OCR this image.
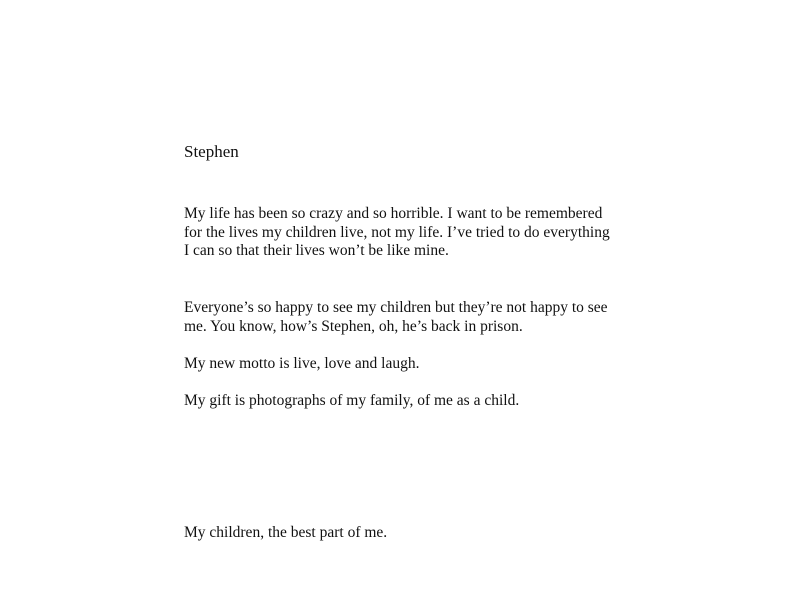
Stephen

My life has been so crazy and so horrible. I want to be remembered for the lives my children live, not my life. I’ve tried to do everything I can so that their lives won’t be like mine.

Everyone’s so happy to see my children but they’re not happy to see me. You know, how’s Stephen, oh, he’s back in prison.

My new motto is live, love and laugh.

My gift is photographs of my family, of me as a child.

My children, the best part of me.
